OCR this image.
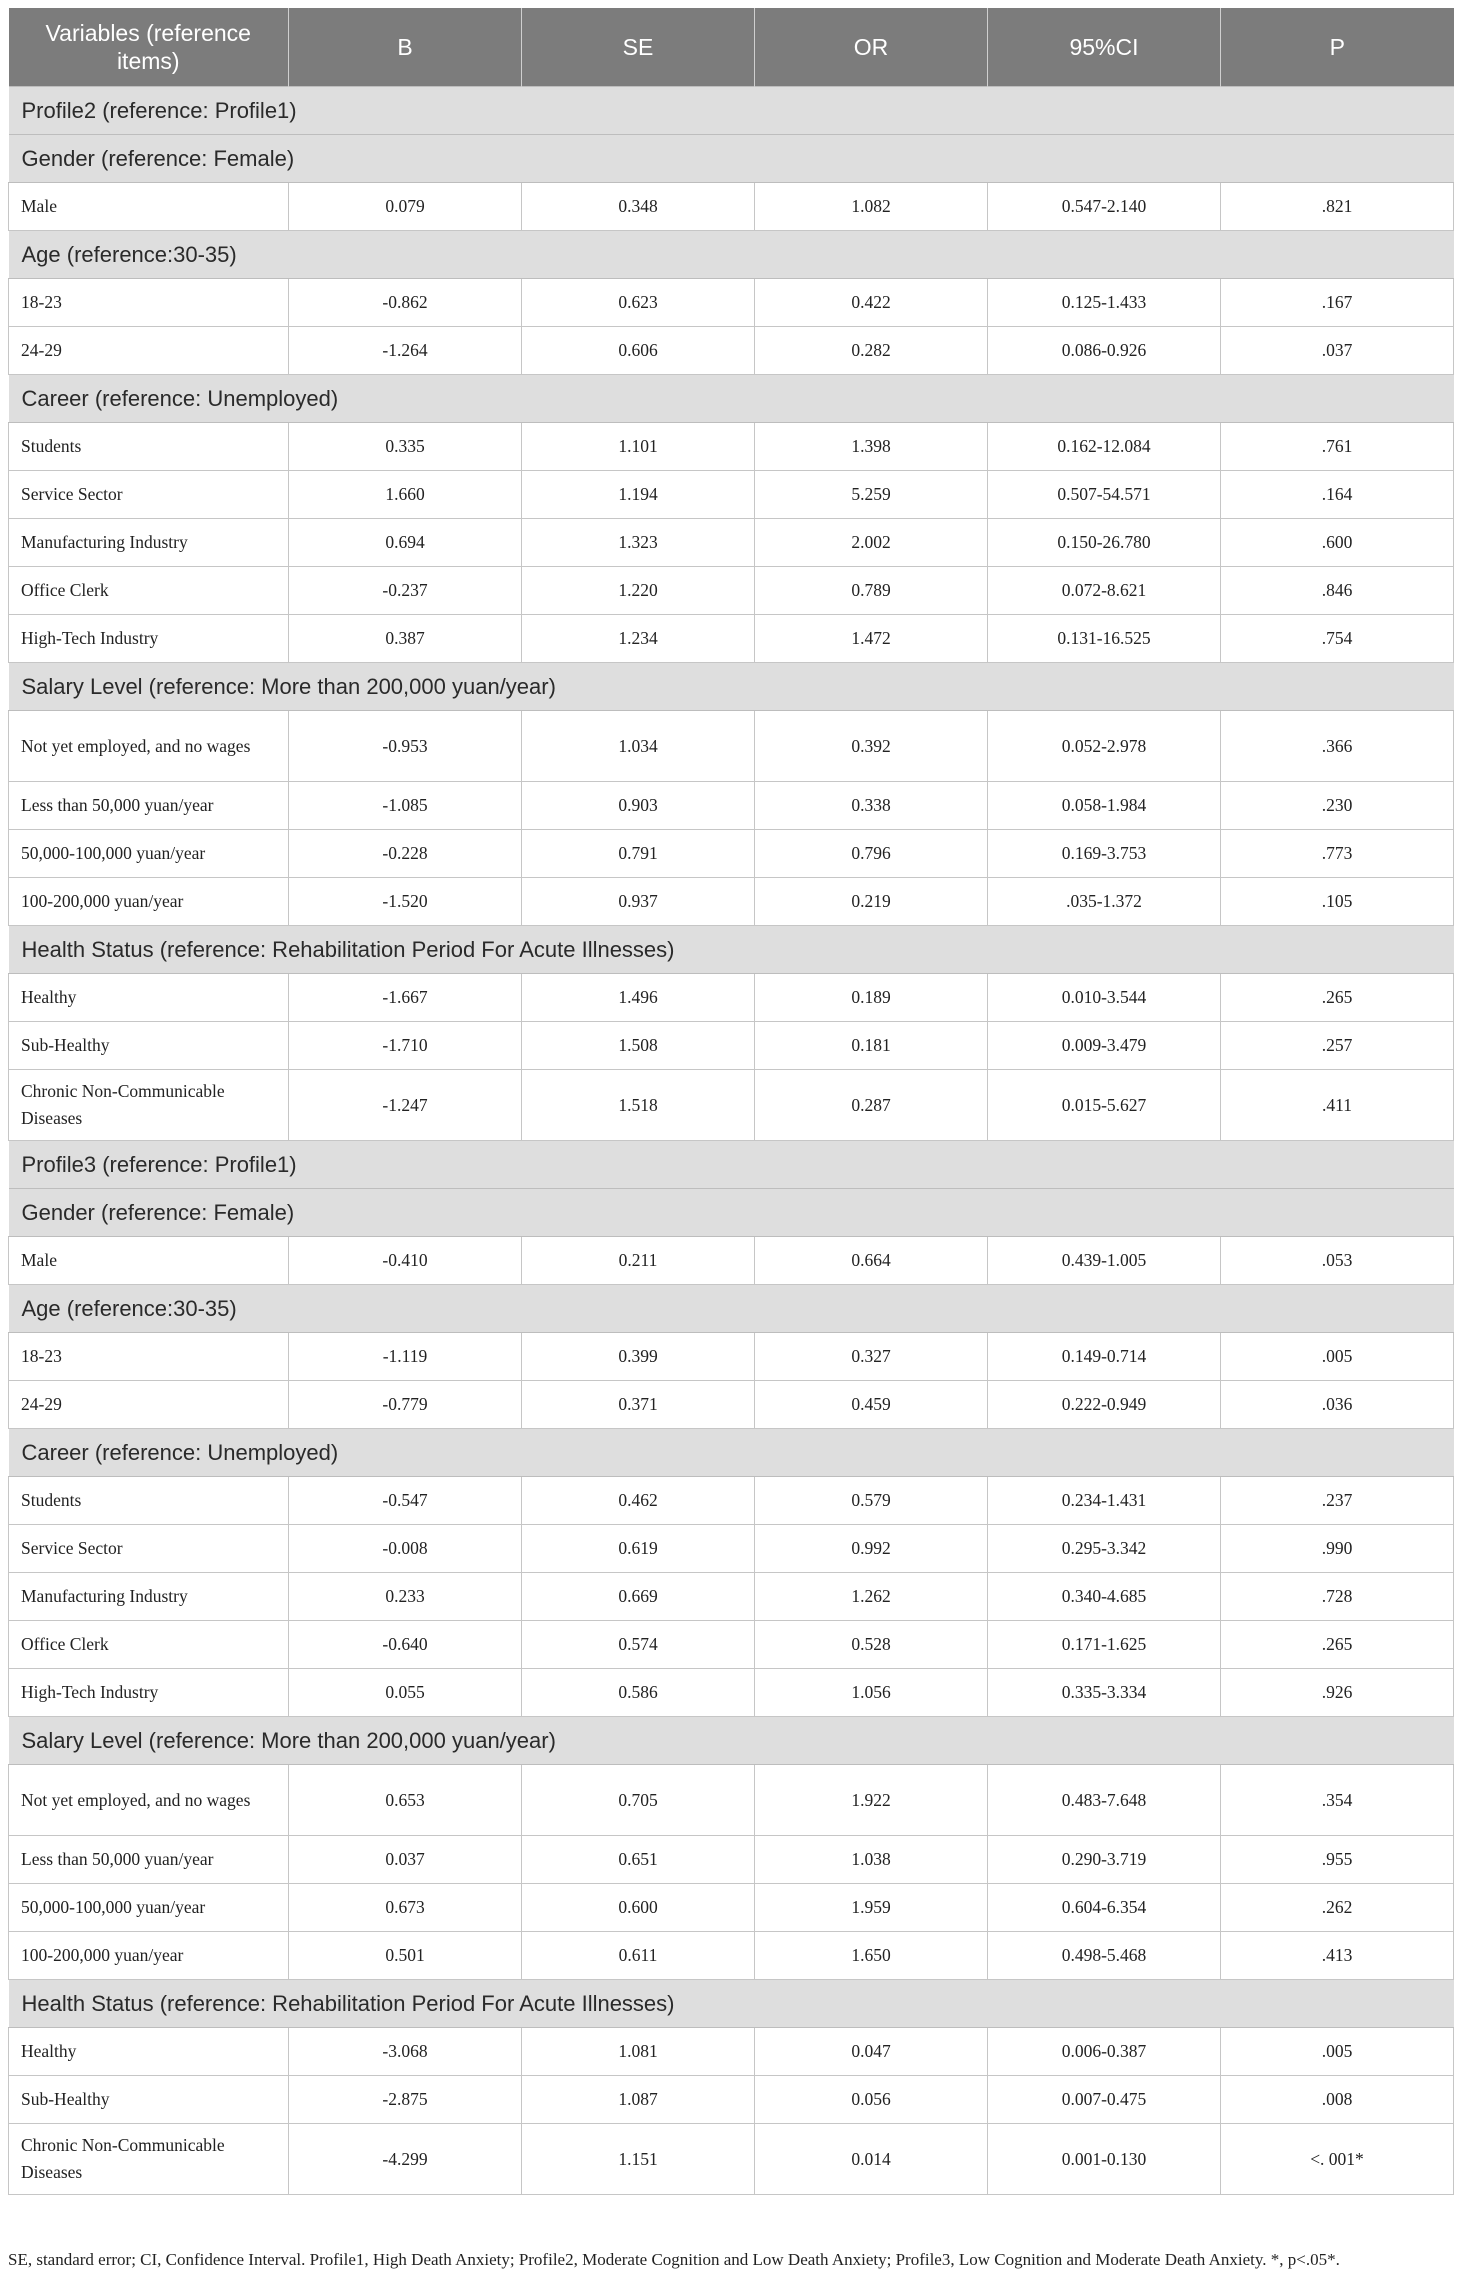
Variables (reference items)	B	SE	OR	95%CI	P
Profile2 (reference: Profile1)					
Gender (reference: Female)					
Male	0.079	0.348	1.082	0.547-2.140	.821
Age (reference:30-35)					
18-23	-0.862	0.623	0.422	0.125-1.433	.167
24-29	-1.264	0.606	0.282	0.086-0.926	.037
Career (reference: Unemployed)					
Students	0.335	1.101	1.398	0.162-12.084	.761
Service Sector	1.660	1.194	5.259	0.507-54.571	.164
Manufacturing Industry	0.694	1.323	2.002	0.150-26.780	.600
Office Clerk	-0.237	1.220	0.789	0.072-8.621	.846
High-Tech Industry	0.387	1.234	1.472	0.131-16.525	.754
Salary Level (reference: More than 200,000 yuan/year)					
Not yet employed, and no wages	-0.953	1.034	0.392	0.052-2.978	.366
Less than 50,000 yuan/year	-1.085	0.903	0.338	0.058-1.984	.230
50,000-100,000 yuan/year	-0.228	0.791	0.796	0.169-3.753	.773
100-200,000 yuan/year	-1.520	0.937	0.219	.035-1.372	.105
Health Status (reference: Rehabilitation Period For Acute Illnesses)					
Healthy	-1.667	1.496	0.189	0.010-3.544	.265
Sub-Healthy	-1.710	1.508	0.181	0.009-3.479	.257
Chronic Non-Communicable Diseases	-1.247	1.518	0.287	0.015-5.627	.411
Profile3 (reference: Profile1)					
Gender (reference: Female)					
Male	-0.410	0.211	0.664	0.439-1.005	.053
Age (reference:30-35)					
18-23	-1.119	0.399	0.327	0.149-0.714	.005
24-29	-0.779	0.371	0.459	0.222-0.949	.036
Career (reference: Unemployed)					
Students	-0.547	0.462	0.579	0.234-1.431	.237
Service Sector	-0.008	0.619	0.992	0.295-3.342	.990
Manufacturing Industry	0.233	0.669	1.262	0.340-4.685	.728
Office Clerk	-0.640	0.574	0.528	0.171-1.625	.265
High-Tech Industry	0.055	0.586	1.056	0.335-3.334	.926
Salary Level (reference: More than 200,000 yuan/year)					
Not yet employed, and no wages	0.653	0.705	1.922	0.483-7.648	.354
Less than 50,000 yuan/year	0.037	0.651	1.038	0.290-3.719	.955
50,000-100,000 yuan/year	0.673	0.600	1.959	0.604-6.354	.262
100-200,000 yuan/year	0.501	0.611	1.650	0.498-5.468	.413
Health Status (reference: Rehabilitation Period For Acute Illnesses)					
Healthy	-3.068	1.081	0.047	0.006-0.387	.005
Sub-Healthy	-2.875	1.087	0.056	0.007-0.475	.008
Chronic Non-Communicable Diseases	-4.299	1.151	0.014	0.001-0.130	<. 001*
SE, standard error; CI, Confidence Interval. Profile1, High Death Anxiety; Profile2, Moderate Cognition and Low Death Anxiety; Profile3, Low Cognition and Moderate Death Anxiety. *, p<.05*.
